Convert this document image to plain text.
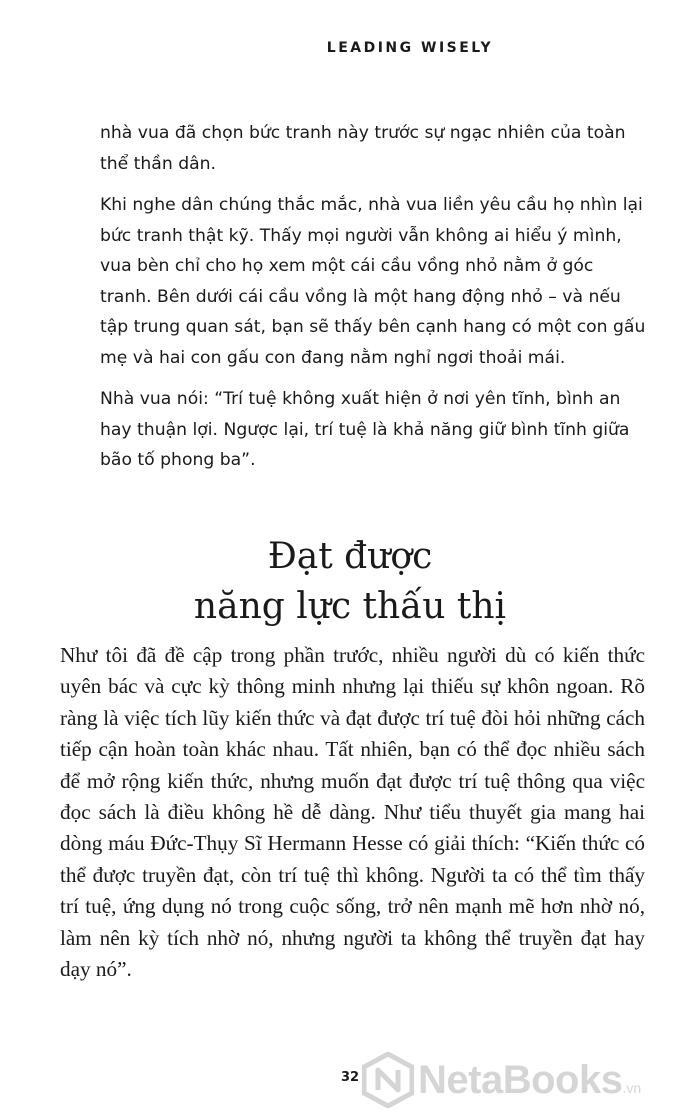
LEADING WISELY

nhà vua đã chọn bức tranh này trước sự ngạc nhiên của toàn thể thần dân.

Khi nghe dân chúng thắc mắc, nhà vua liền yêu cầu họ nhìn lại bức tranh thật kỹ. Thấy mọi người vẫn không ai hiểu ý mình, vua bèn chỉ cho họ xem một cái cầu vồng nhỏ nằm ở góc tranh. Bên dưới cái cầu vồng là một hang động nhỏ – và nếu tập trung quan sát, bạn sẽ thấy bên cạnh hang có một con gấu mẹ và hai con gấu con đang nằm nghỉ ngơi thoải mái.

Nhà vua nói: “Trí tuệ không xuất hiện ở nơi yên tĩnh, bình an hay thuận lợi. Ngược lại, trí tuệ là khả năng giữ bình tĩnh giữa bão tố phong ba”.

Đạt được
năng lực thấu thị

Như tôi đã đề cập trong phần trước, nhiều người dù có kiến thức uyên bác và cực kỳ thông minh nhưng lại thiếu sự khôn ngoan. Rõ ràng là việc tích lũy kiến thức và đạt được trí tuệ đòi hỏi những cách tiếp cận hoàn toàn khác nhau. Tất nhiên, bạn có thể đọc nhiều sách để mở rộng kiến thức, nhưng muốn đạt được trí tuệ thông qua việc đọc sách là điều không hề dễ dàng. Như tiểu thuyết gia mang hai dòng máu Đức-Thụy Sĩ Hermann Hesse có giải thích: “Kiến thức có thể được truyền đạt, còn trí tuệ thì không. Người ta có thể tìm thấy trí tuệ, ứng dụng nó trong cuộc sống, trở nên mạnh mẽ hơn nhờ nó, làm nên kỳ tích nhờ nó, nhưng người ta không thể truyền đạt hay dạy nó”.

32	NetaBooks .vn
